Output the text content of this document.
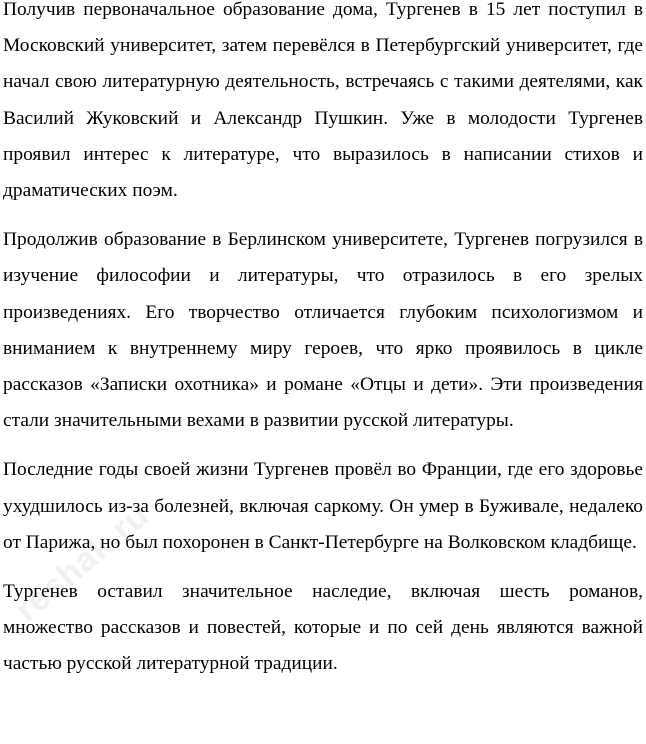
Получив первоначальное образование дома, Тургенев в 15 лет поступил в Московский университет, затем перевёлся в Петербургский университет, где начал свою литературную деятельность, встречаясь с такими деятелями, как Василий Жуковский и Александр Пушкин. Уже в молодости Тургенев проявил интерес к литературе, что выразилось в написании стихов и драматических поэм.

Продолжив образование в Берлинском университете, Тургенев погрузился в изучение философии и литературы, что отразилось в его зрелых произведениях. Его творчество отличается глубоким психологизмом и вниманием к внутреннему миру героев, что ярко проявилось в цикле рассказов «Записки охотника» и романе «Отцы и дети». Эти произведения стали значительными вехами в развитии русской литературы.

Последние годы своей жизни Тургенев провёл во Франции, где его здоровье ухудшилось из-за болезней, включая саркому. Он умер в Буживале, недалеко от Парижа, но был похоронен в Санкт-Петербурге на Волковском кладбище.

Тургенев оставил значительное наследие, включая шесть романов, множество рассказов и повестей, которые и по сей день являются важной частью русской литературной традиции.

reshak.ru
